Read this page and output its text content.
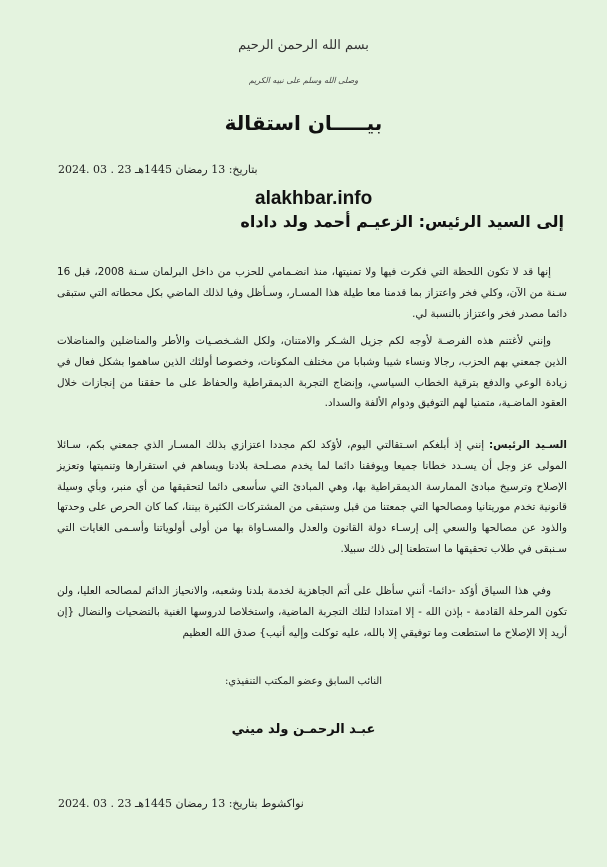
بسم الله الرحمن الرحيم
وصلى الله وسلم على نبيه الكريم
بيـــــان استقالة
بتاريخ: 13 رمضان 1445هـ 23 . 03 .2024
alakhbar.info
إلى السيد الرئيس: الزعيـم أحمد ولد داداه

إنها قد لا تكون اللحظة التي فكرت فيها ولا تمنيتها، منذ انضـمامي للحزب من داخل البرلمان سـنة 2008، قبل 16 سـنة من الآن، وكلي فخر واعتزاز بما قدمنا معا طيلة هذا المسـار، وسـأظل وفيا لذلك الماضي بكل محطاته التي ستبقى دائما مصدر فخر واعتزاز بالنسبة لي.

وإنني لأغتنم هذه الفرصـة لأوجه لكم جزيل الشـكر والامتنان، ولكل الشـخصـيات والأطر والمناضلين والمناضلات الذين جمعني بهم الحزب، رجالا ونساء شيبا وشبابا من مختلف المكونات، وخصوصا أولئك الذين ساهموا بشكل فعال في زيادة الوعي والدفع بترقية الخطاب السياسي، وإنضاج التجربة الديمقراطية والحفاظ على ما حققنا من إنجازات خلال العقود الماضـية، متمنيا لهم التوفيق ودوام الألفة والسداد.

السـيد الرئيس: إنني إذ أبلغكم اسـتقالتي اليوم، لأؤكد لكم مجددا اعتزازي بذلك المسـار الذي جمعني بكم، سـائلا المولى عز وجل أن يسـدد خطانا جميعا ويوفقنا دائما لما يخدم مصـلحة بلادنا ويساهم في استقرارها وتنميتها وتعزيز الإصلاح وترسيخ مبادئ الممارسة الديمقراطية بها، وهي المبادئ التي سأسعى دائما لتحقيقها من أي منبر، وبأي وسيلة قانونية تخدم موريتانيا ومصالحها التي جمعتنا من قبل وستبقى من المشتركات الكثيرة بيننا، كما كان الحرص على وحدتها والذود عن مصالحها والسعي إلى إرسـاء دولة القانون والعدل والمسـاواة بها من أولى أولوياتنا وأسـمى الغايات التي سـنبقى في طلاب تحقيقها ما استطعنا إلى ذلك سبيلا.

وفي هذا السياق أؤكد -دائما- أنني سأظل على أتم الجاهزية لخدمة بلدنا وشعبه، والانحياز الدائم لمصالحه العليا، ولن تكون المرحلة القادمة - بإذن الله - إلا امتدادا لتلك التجربة الماضية، واستخلاصا لدروسها الغنية بالتضحيات والنضال {إن أريد إلا الإصلاح ما استطعت وما توفيقي إلا بالله، عليه توكلت وإليه أنيب} صدق الله العظيم

النائب السابق وعضو المكتب التنفيذي:
عبـد الرحمـن ولد ميني
نواكشوط بتاريخ: 13 رمضان 1445هـ 23 . 03 .2024
